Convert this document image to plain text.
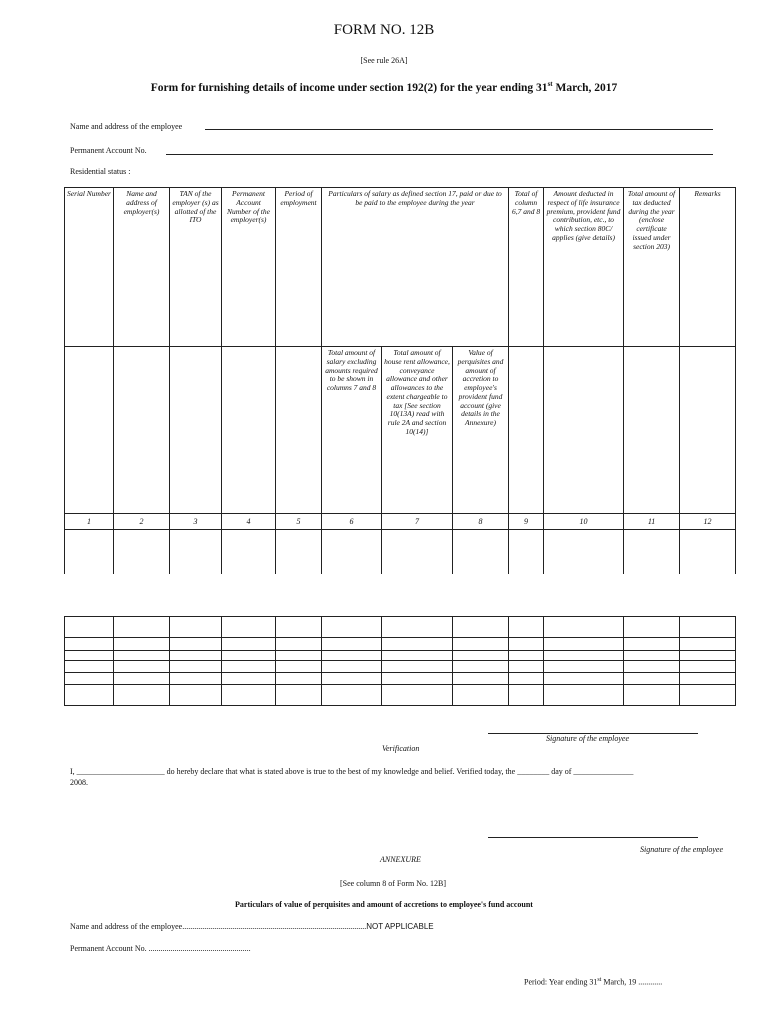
FORM NO. 12B
[See rule 26A]
Form for furnishing details of income under section 192(2) for the year ending 31st March, 2017
Name and address of the employee
Permanent Account No.
Residential status :
Serial Number	Name and address of employer(s)	TAN of the employer (s) as allotted of the ITO	Permanent Account Number of the employer(s)	Period of employment	Particulars of salary as defined section 17, paid or due to be paid to the employee during the year			Total of column 6,7 and 8	Amount deducted in respect of life insurance premium, provident fund contribution, etc., to which section 80C/ applies (give details)	Total amount of tax deducted during the year (enclose certificate issued under section 203)	Remarks
					Total amount of salary excluding amounts required to be shown in columns 7 and 8	Total amount of house rent allowance, conveyance allowance and other allowances to the extent chargeable to tax [See section 10(13A) read with rule 2A and section 10(14)]	Value of perquisites and amount of accretion to employee's provident fund account (give details in the Annexure)				
1	2	3	4	5	6	7	8	9	10	11	12

Signature of the employee
Verification
I, ______________________ do hereby declare that what is stated above is true to the best of my knowledge and belief. Verified today, the ________ day of _______________
2008.
Signature of the employee
ANNEXURE
[See column 8 of Form No. 12B]
Particulars of value of perquisites and amount of accretions to employee's fund account
Name and address of the employee............................................................................................NOT APPLICABLE
Permanent Account No. ...................................................
Period: Year ending 31st March, 19 ............
